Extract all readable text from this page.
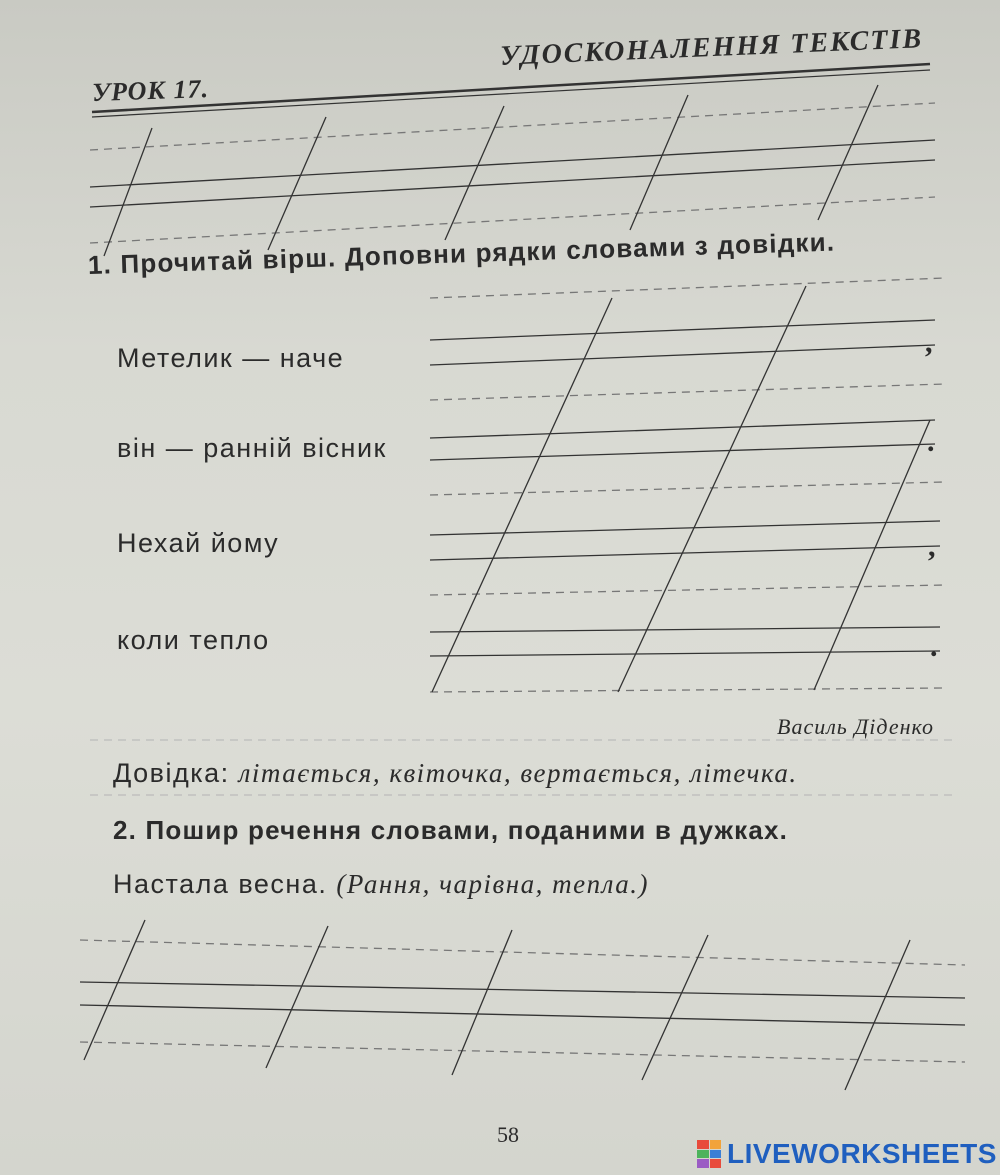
УРОК 17.
УДОСКОНАЛЕННЯ ТЕКСТІВ
1. Прочитай вірш. Доповни рядки словами з довідки.
Метелик — наче
він — ранній вісник
Нехай йому
коли тепло
,
.
,
.
Василь Діденко
Довідка: літається, квіточка, вертається, літечка.
2. Пошир речення словами, поданими в дужках.
Настала весна. (Рання, чарівна, тепла.)
58
LIVEWORKSHEETS
